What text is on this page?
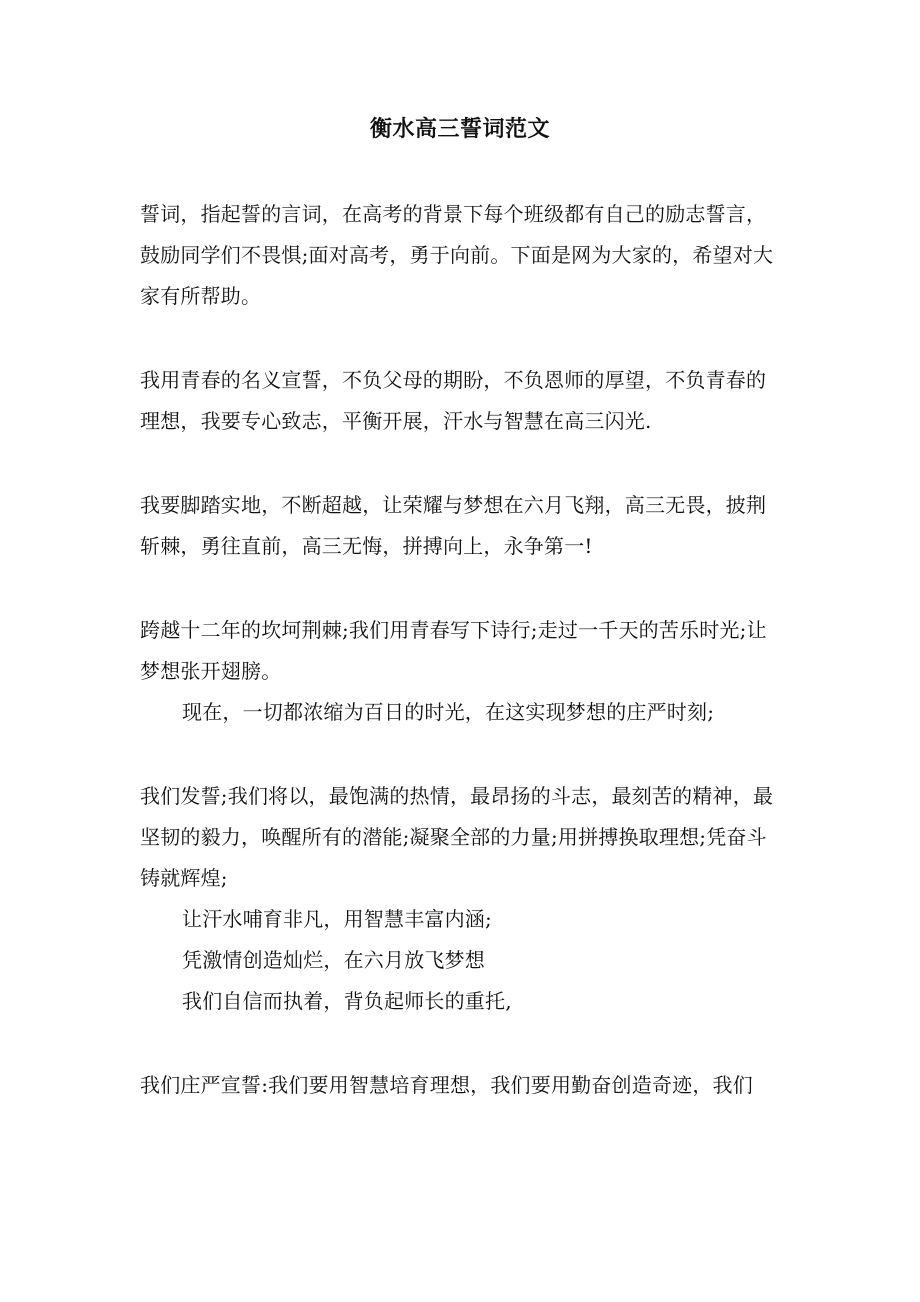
衡水高三誓词范文

誓词，指起誓的言词，在高考的背景下每个班级都有自己的励志誓言，鼓励同学们不畏惧;面对高考，勇于向前。下面是网为大家的，希望对大家有所帮助。

我用青春的名义宣誓，不负父母的期盼，不负恩师的厚望，不负青春的理想，我要专心致志，平衡开展，汗水与智慧在高三闪光.

我要脚踏实地，不断超越，让荣耀与梦想在六月飞翔，高三无畏，披荆斩棘，勇往直前，高三无悔，拼搏向上，永争第一!

跨越十二年的坎坷荆棘;我们用青春写下诗行;走过一千天的苦乐时光;让梦想张开翅膀。

现在，一切都浓缩为百日的时光，在这实现梦想的庄严时刻;

我们发誓;我们将以，最饱满的热情，最昂扬的斗志，最刻苦的精神，最坚韧的毅力，唤醒所有的潜能;凝聚全部的力量;用拼搏换取理想;凭奋斗铸就辉煌;

让汗水哺育非凡，用智慧丰富内涵;

凭激情创造灿烂，在六月放飞梦想

我们自信而执着，背负起师长的重托,

我们庄严宣誓:我们要用智慧培育理想，我们要用勤奋创造奇迹，我们
